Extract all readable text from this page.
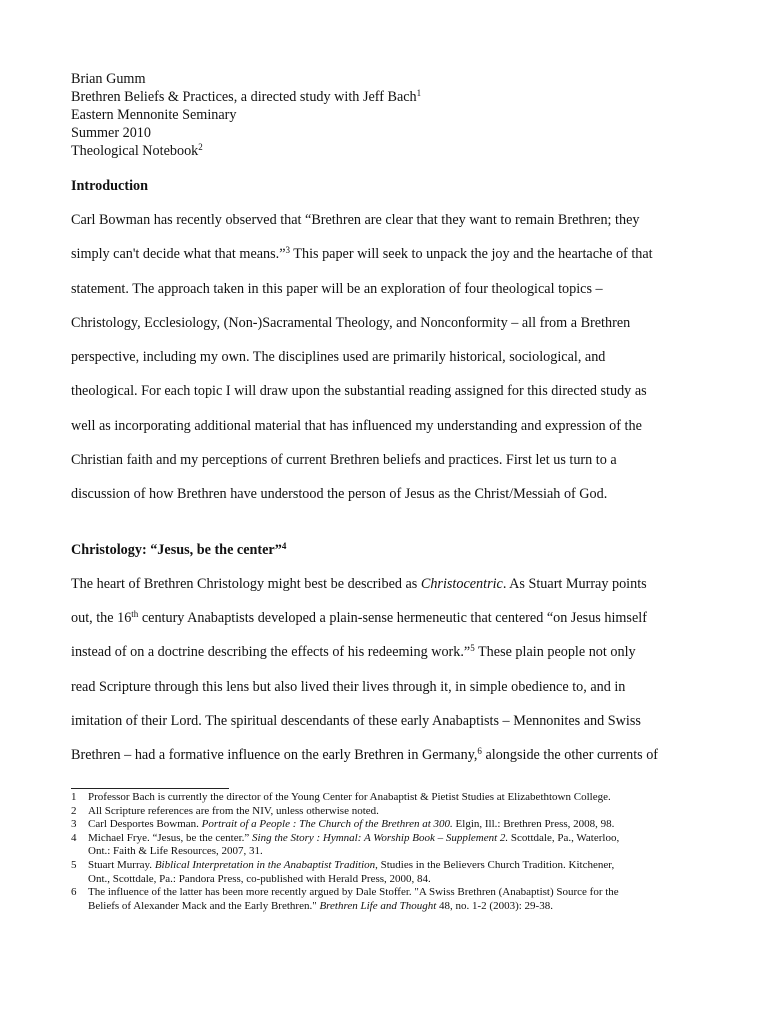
Brian Gumm
Brethren Beliefs & Practices, a directed study with Jeff Bach$^1$
Eastern Mennonite Seminary
Summer 2010
Theological Notebook$^2$
Introduction
Carl Bowman has recently observed that “Brethren are clear that they want to remain Brethren; they
simply can't decide what that means.”$^3$ This paper will seek to unpack the joy and the heartache of that
statement. The approach taken in this paper will be an exploration of four theological topics –
Christology, Ecclesiology, (Non-)Sacramental Theology, and Nonconformity – all from a Brethren
perspective, including my own. The disciplines used are primarily historical, sociological, and
theological. For each topic I will draw upon the substantial reading assigned for this directed study as
well as incorporating additional material that has influenced my understanding and expression of the
Christian faith and my perceptions of current Brethren beliefs and practices. First let us turn to a
discussion of how Brethren have understood the person of Jesus as the Christ/Messiah of God.
Christology: “Jesus, be the center”$^4$
The heart of Brethren Christology might best be described as Christocentric. As Stuart Murray points
out, the 16th century Anabaptists developed a plain-sense hermeneutic that centered “on Jesus himself
instead of on a doctrine describing the effects of his redeeming work.”$^5$ These plain people not only
read Scripture through this lens but also lived their lives through it, in simple obedience to, and in
imitation of their Lord. The spiritual descendants of these early Anabaptists – Mennonites and Swiss
Brethren – had a formative influence on the early Brethren in Germany,$^6$ alongside the other currents of
1	Professor Bach is currently the director of the Young Center for Anabaptist & Pietist Studies at Elizabethtown College.
2	All Scripture references are from the NIV, unless otherwise noted.
3	Carl Desportes Bowman. Portrait of a People : The Church of the Brethren at 300. Elgin, Ill.: Brethren Press, 2008, 98.
4	Michael Frye. “Jesus, be the center.” Sing the Story : Hymnal: A Worship Book – Supplement 2. Scottdale, Pa., Waterloo,
Ont.: Faith & Life Resources, 2007, 31.
5	Stuart Murray. Biblical Interpretation in the Anabaptist Tradition, Studies in the Believers Church Tradition. Kitchener,
Ont., Scottdale, Pa.: Pandora Press, co-published with Herald Press, 2000, 84.
6	The influence of the latter has been more recently argued by Dale Stoffer. "A Swiss Brethren (Anabaptist) Source for the
Beliefs of Alexander Mack and the Early Brethren." Brethren Life and Thought 48, no. 1-2 (2003): 29-38.
